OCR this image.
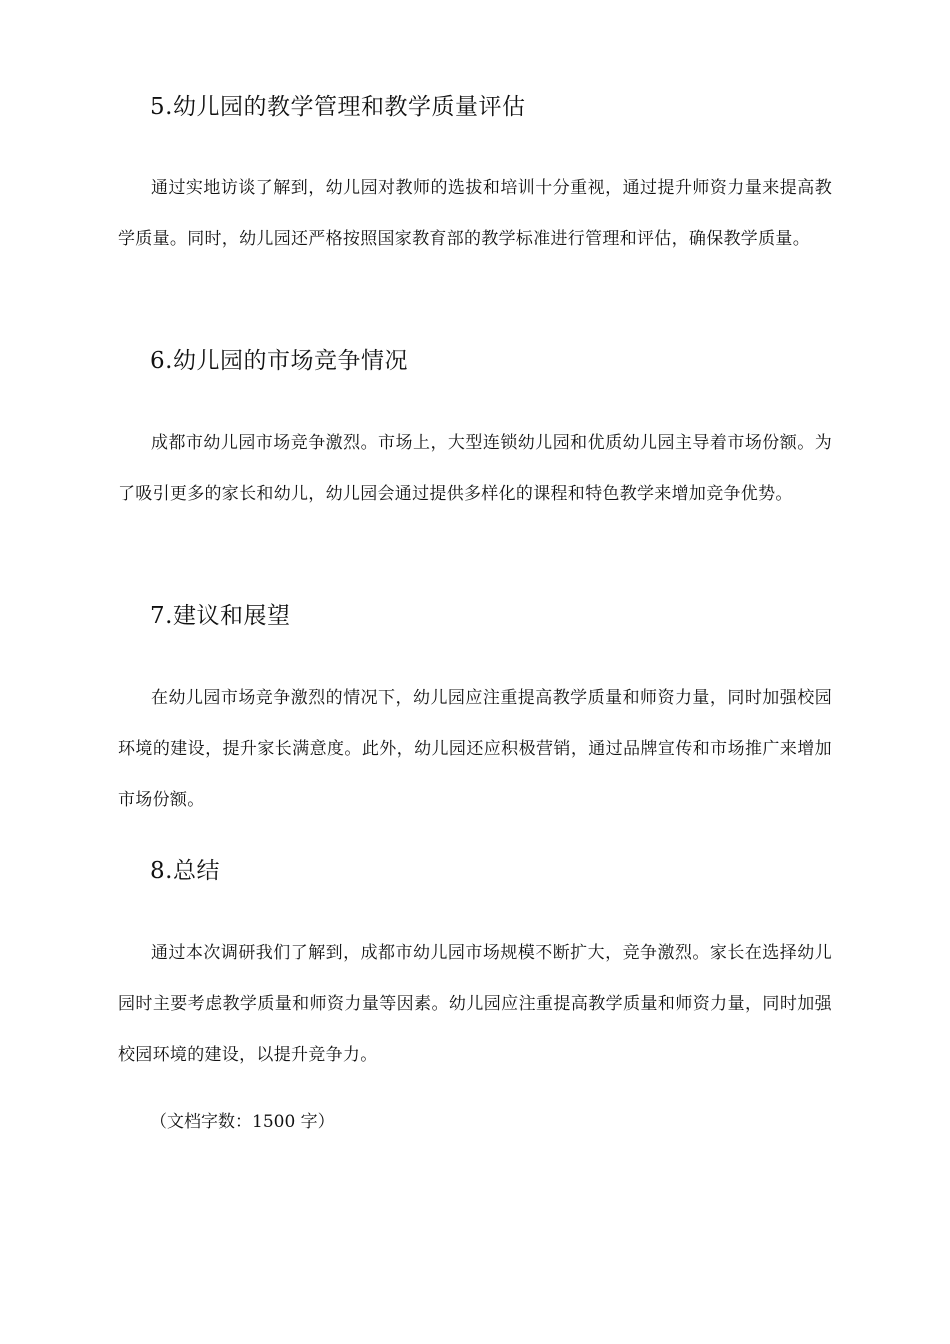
5.幼儿园的教学管理和教学质量评估

通过实地访谈了解到，幼儿园对教师的选拔和培训十分重视，通过提升师资力量来提高教学质量。同时，幼儿园还严格按照国家教育部的教学标准进行管理和评估，确保教学质量。

6.幼儿园的市场竞争情况

成都市幼儿园市场竞争激烈。市场上，大型连锁幼儿园和优质幼儿园主导着市场份额。为了吸引更多的家长和幼儿，幼儿园会通过提供多样化的课程和特色教学来增加竞争优势。

7.建议和展望

在幼儿园市场竞争激烈的情况下，幼儿园应注重提高教学质量和师资力量，同时加强校园环境的建设，提升家长满意度。此外，幼儿园还应积极营销，通过品牌宣传和市场推广来增加市场份额。

8.总结

通过本次调研我们了解到，成都市幼儿园市场规模不断扩大，竞争激烈。家长在选择幼儿园时主要考虑教学质量和师资力量等因素。幼儿园应注重提高教学质量和师资力量，同时加强校园环境的建设，以提升竞争力。

（文档字数：1500 字）
